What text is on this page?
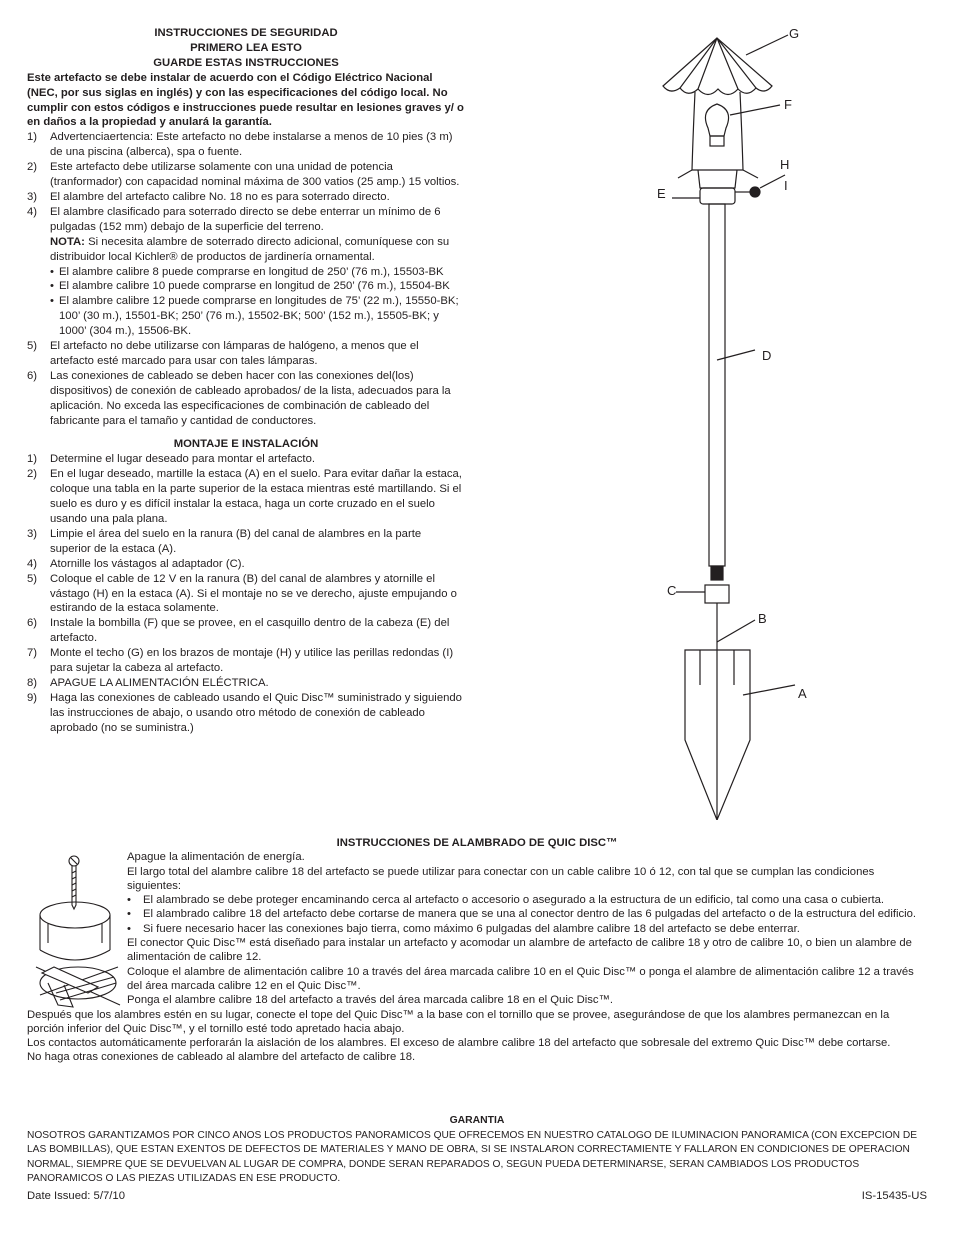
INSTRUCCIONES DE SEGURIDAD
PRIMERO LEA ESTO
GUARDE ESTAS INSTRUCCIONES
Este artefacto se debe instalar de acuerdo con el Código Eléctrico Nacional (NEC, por sus siglas en inglés) y con las especificaciones del código local. No cumplir con estos códigos e instrucciones puede resultar en lesiones graves y/ o en daños a la propiedad y anulará la garantía.
1)	Advertenciaertencia: Este artefacto no debe instalarse a menos de 10 pies (3 m) de una piscina (alberca), spa o fuente.
2)	Este artefacto debe utilizarse solamente con una unidad de potencia (tranformador) con capacidad nominal máxima de 300 vatios (25 amp.) 15 voltios.
3)	El alambre del artefacto calibre No. 18 no es para soterrado directo.
4)	El alambre clasificado para soterrado directo se debe enterrar un mínimo de 6 pulgadas (152 mm) debajo de la superficie del terreno.
NOTA: Si necesita alambre de soterrado directo adicional, comuníquese con su distribuidor local Kichler® de productos de jardinería ornamental.
• El alambre calibre 8 puede comprarse en longitud de 250’ (76 m.), 15503-BK
• El alambre calibre 10 puede comprarse en longitud de 250’ (76 m.), 15504-BK
• El alambre calibre 12 puede comprarse en longitudes de 75’ (22 m.), 15550-BK; 100’ (30 m.), 15501-BK; 250’ (76 m.), 15502-BK; 500’ (152 m.), 15505-BK; y 1000’ (304 m.), 15506-BK.
5)	El artefacto no debe utilizarse con lámparas de halógeno, a menos que el artefacto esté marcado para usar con tales lámparas.
6)	Las conexiones de cableado se deben hacer con las conexiones del(los) dispositivos) de conexión de cableado aprobados/ de la lista, adecuados para la aplicación. No exceda las especificaciones de combinación de cableado del fabricante para el tamaño y cantidad de conductores.
MONTAJE E INSTALACIÓN
1)	Determine el lugar deseado para montar el artefacto.
2)	En el lugar deseado, martille la estaca (A) en el suelo. Para evitar dañar la estaca, coloque una tabla en la parte superior de la estaca mientras esté martillando. Si el suelo es duro y es difícil instalar la estaca, haga un corte cruzado en el suelo usando una pala plana.
3)	Limpie el área del suelo en la ranura (B) del canal de alambres en la parte superior de la estaca (A).
4)	Atornille los vástagos al adaptador (C).
5)	Coloque el cable de 12 V en la ranura (B) del canal de alambres y atornille el vástago (H) en la estaca (A). Si el montaje no se ve derecho, ajuste empujando o estirando de la estaca solamente.
6)	Instale la bombilla (F) que se provee, en el casquillo dentro de la cabeza (E) del artefacto.
7)	Monte el techo (G) en los brazos de montaje (H) y utilice las perillas redondas (I) para sujetar la cabeza al artefacto.
8)	APAGUE LA ALIMENTACIÓN ELÉCTRICA.
9)	Haga las conexiones de cableado usando el Quic Disc™ suministrado y siguiendo las instrucciones de abajo, o usando otro método de conexión de cableado aprobado (no se suministra.)
G
F
H
I
E
D
C
B
A
INSTRUCCIONES DE ALAMBRADO DE QUIC DISC™
Apague la alimentación de energía.
El largo total del alambre calibre 18 del artefacto se puede utilizar para conectar con un cable calibre 10 ó 12, con tal que se cumplan las condiciones siguientes:
•	El alambrado se debe proteger encaminando cerca al artefacto o accesorio o asegurado a la estructura de un edificio, tal como una casa o cubierta.
•	El alambrado calibre 18 del artefacto debe cortarse de manera que se una al conector dentro de las 6 pulgadas del artefacto o de la estructura del edificio.
•	Si fuere necesario hacer las conexiones bajo tierra, como máximo 6 pulgadas del alambre calibre 18 del artefacto se debe enterrar.
El conector Quic Disc™ está diseñado para instalar un artefacto y acomodar un alambre de artefacto de calibre 18 y otro de calibre 10, o bien un alambre de alimentación de calibre 12.
Coloque el alambre de alimentación calibre 10 a través del área marcada calibre 10 en el Quic Disc™ o ponga el alambre de alimentación calibre 12 a través del área marcada calibre 12 en el Quic Disc™.
Ponga el alambre calibre 18 del artefacto a través del área marcada calibre 18 en el Quic Disc™.
Después que los alambres estén en su lugar, conecte el tope del Quic Disc™ a la base con el tornillo que se provee, asegurándose de que los alambres permanezcan en la porción inferior del Quic Disc™, y el tornillo esté todo apretado hacia abajo.
Los contactos automáticamente perforarán la aislación de los alambres. El exceso de alambre calibre 18 del artefacto que sobresale del extremo Quic Disc™ debe cortarse.
No haga otras conexiones de cableado al alambre del artefacto de calibre 18.
GARANTIA
NOSOTROS GARANTIZAMOS POR CINCO ANOS LOS PRODUCTOS PANORAMICOS QUE OFRECEMOS EN NUESTRO CATALOGO DE ILUMINACION PANORAMICA (CON EXCEPCION DE LAS BOMBILLAS), QUE ESTAN EXENTOS DE DEFECTOS DE MATERIALES Y MANO DE OBRA, SI SE INSTALARON CORRECTAMIENTE Y FALLARON EN CONDICIONES DE OPERACION NORMAL, SIEMPRE QUE SE DEVUELVAN AL LUGAR DE COMPRA, DONDE SERAN REPARADOS O, SEGUN PUEDA DETERMINARSE, SERAN CAMBIADOS LOS PRODUCTOS PANORAMICOS O LAS PIEZAS UTILIZADAS EN ESE PRODUCTO.
Date Issued: 5/7/10	IS-15435-US
